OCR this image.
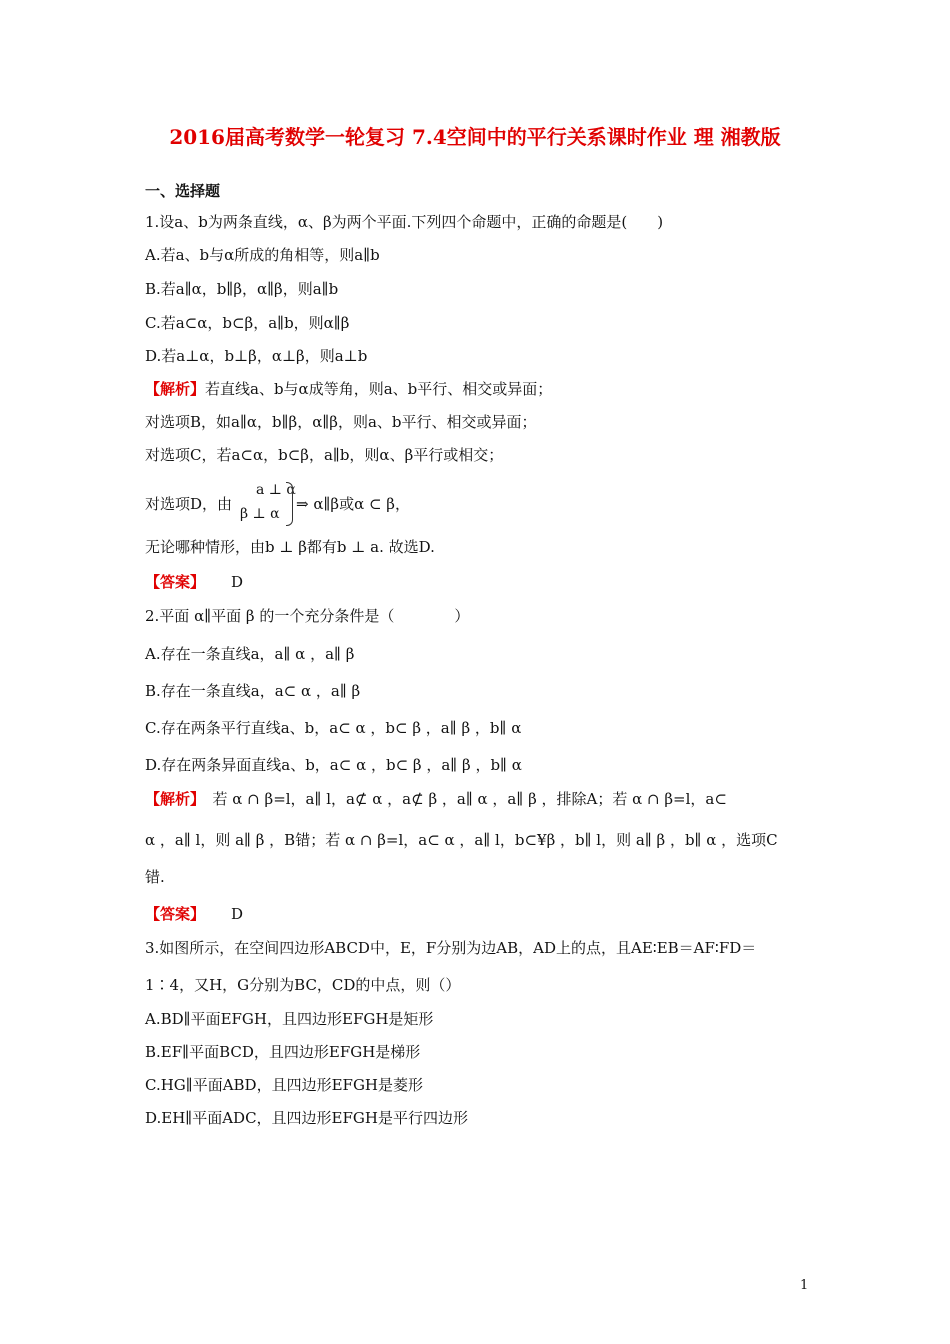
2016届高考数学一轮复习 7.4空间中的平行关系课时作业 理 湘教版
一、选择题
1.设a、b为两条直线，α、β为两个平面.下列四个命题中，正确的命题是(　　)
A.若a、b与α所成的角相等，则a∥b
B.若a∥α，b∥β，α∥β，则a∥b
C.若a⊂α，b⊂β，a∥b，则α∥β
D.若a⊥α，b⊥β，α⊥β，则a⊥b
【解析】若直线a、b与α成等角，则a、b平行、相交或异面；
对选项B，如a∥α，b∥β，α∥β，则a、b平行、相交或异面；
对选项C，若a⊂α，b⊂β，a∥b，则α、β平行或相交；
对选项D，由
a ⊥ α
β ⊥ α
⇒ α∥β或α ⊂ β，
无论哪种情形，由b ⊥ β都有b ⊥ a. 故选D.
【答案】 D
2.平面 α∥平面 β 的一个充分条件是（　　　　）
A.存在一条直线a，a∥ α ，a∥ β
B.存在一条直线a，a⊂ α ，a∥ β
C.存在两条平行直线a、b，a⊂ α ，b⊂ β ，a∥ β ，b∥ α
D.存在两条异面直线a、b，a⊂ α ，b⊂ β ，a∥ β ，b∥ α
【解析】　若 α ∩ β=l，a∥ l，a⊄ α ，a⊄ β ，a∥ α ，a∥ β ，排除A；若 α ∩ β=l，a⊂
α ，a∥ l，则 a∥ β ，B错；若 α ∩ β=l，a⊂ α ，a∥ l，b⊂¥β ，b∥ l，则 a∥ β ，b∥ α ，选项C
错.
【答案】 D
3.如图所示，在空间四边形ABCD中，E，F分别为边AB，AD上的点，且AE∶EB＝AF∶FD＝
1∶4，又H，G分别为BC，CD的中点，则（）
A.BD∥平面EFGH，且四边形EFGH是矩形
B.EF∥平面BCD，且四边形EFGH是梯形
C.HG∥平面ABD，且四边形EFGH是菱形
D.EH∥平面ADC，且四边形EFGH是平行四边形
1
